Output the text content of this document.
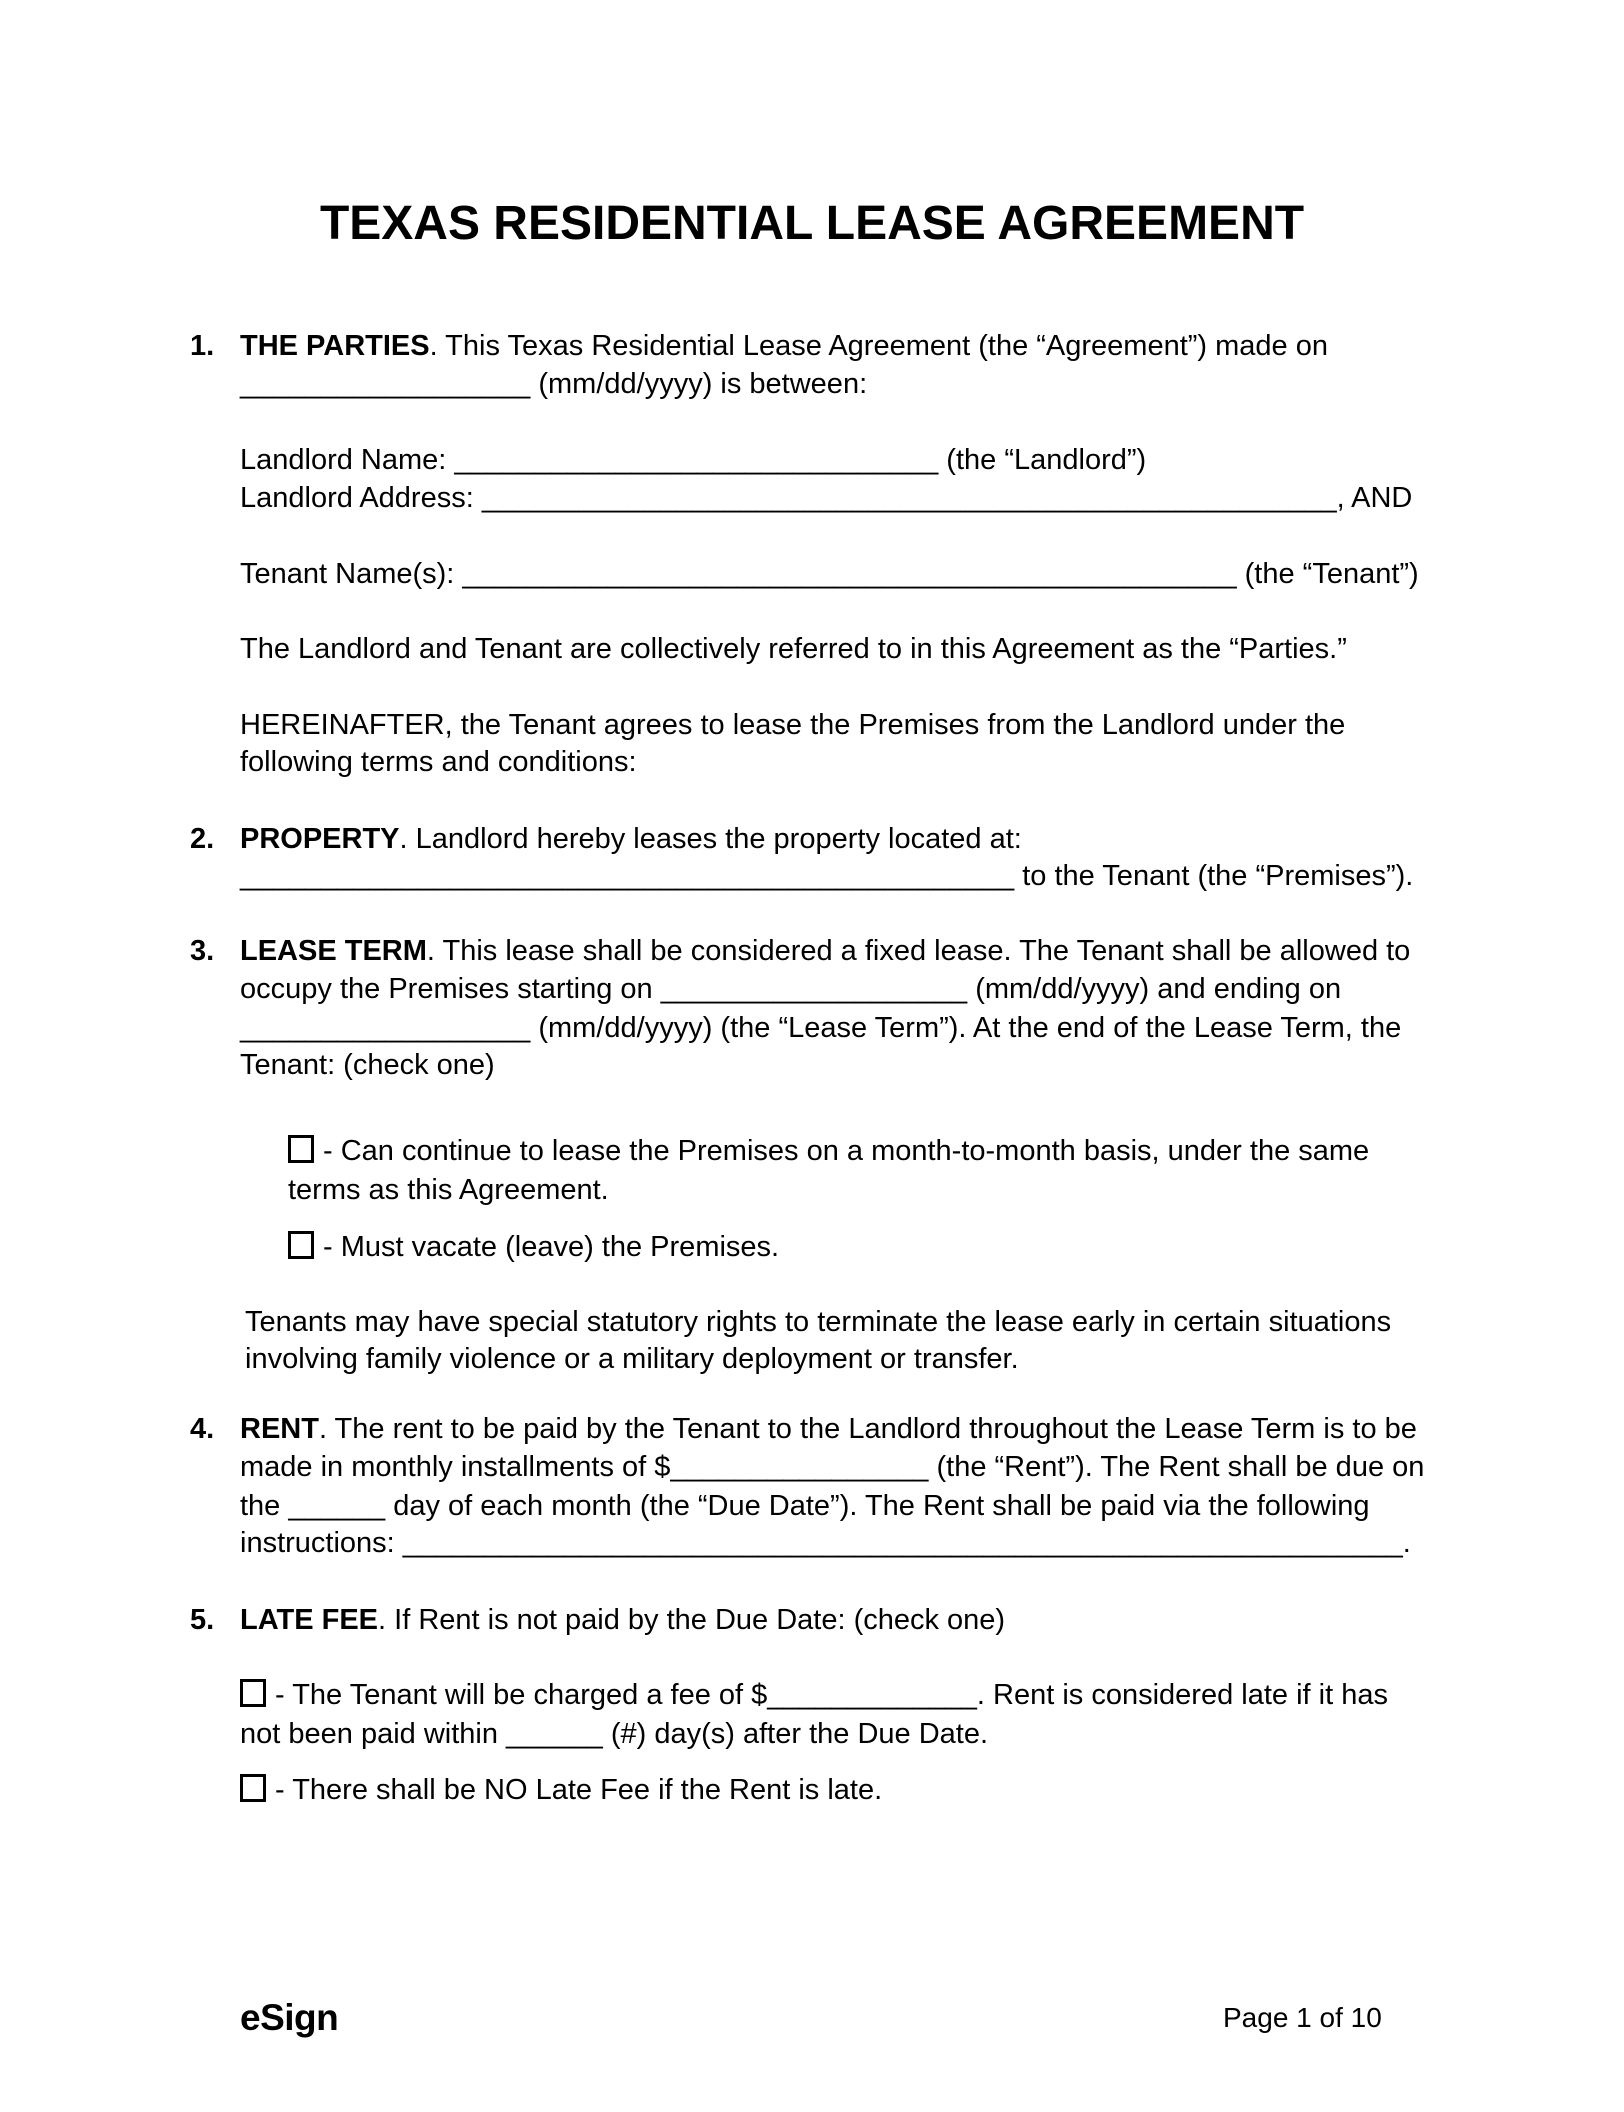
TEXAS RESIDENTIAL LEASE AGREEMENT
1. THE PARTIES. This Texas Residential Lease Agreement (the “Agreement”) made on
__________________ (mm/dd/yyyy) is between:
Landlord Name: ______________________________ (the “Landlord”)
Landlord Address: _____________________________________________________, AND
Tenant Name(s): ________________________________________________ (the “Tenant”)
The Landlord and Tenant are collectively referred to in this Agreement as the “Parties.”
HEREINAFTER, the Tenant agrees to lease the Premises from the Landlord under the
following terms and conditions:
2. PROPERTY. Landlord hereby leases the property located at:
________________________________________________ to the Tenant (the “Premises”).
3. LEASE TERM. This lease shall be considered a fixed lease. The Tenant shall be allowed to
occupy the Premises starting on ___________________ (mm/dd/yyyy) and ending on
__________________ (mm/dd/yyyy) (the “Lease Term”). At the end of the Lease Term, the
Tenant: (check one)
- Can continue to lease the Premises on a month-to-month basis, under the same
terms as this Agreement.
- Must vacate (leave) the Premises.
Tenants may have special statutory rights to terminate the lease early in certain situations
involving family violence or a military deployment or transfer.
4. RENT. The rent to be paid by the Tenant to the Landlord throughout the Lease Term is to be
made in monthly installments of $________________ (the “Rent”). The Rent shall be due on
the ______ day of each month (the “Due Date”). The Rent shall be paid via the following
instructions: ______________________________________________________________.
5. LATE FEE. If Rent is not paid by the Due Date: (check one)
- The Tenant will be charged a fee of $_____________. Rent is considered late if it has
not been paid within ______ (#) day(s) after the Due Date.
- There shall be NO Late Fee if the Rent is late.
eSign	Page 1 of 10
